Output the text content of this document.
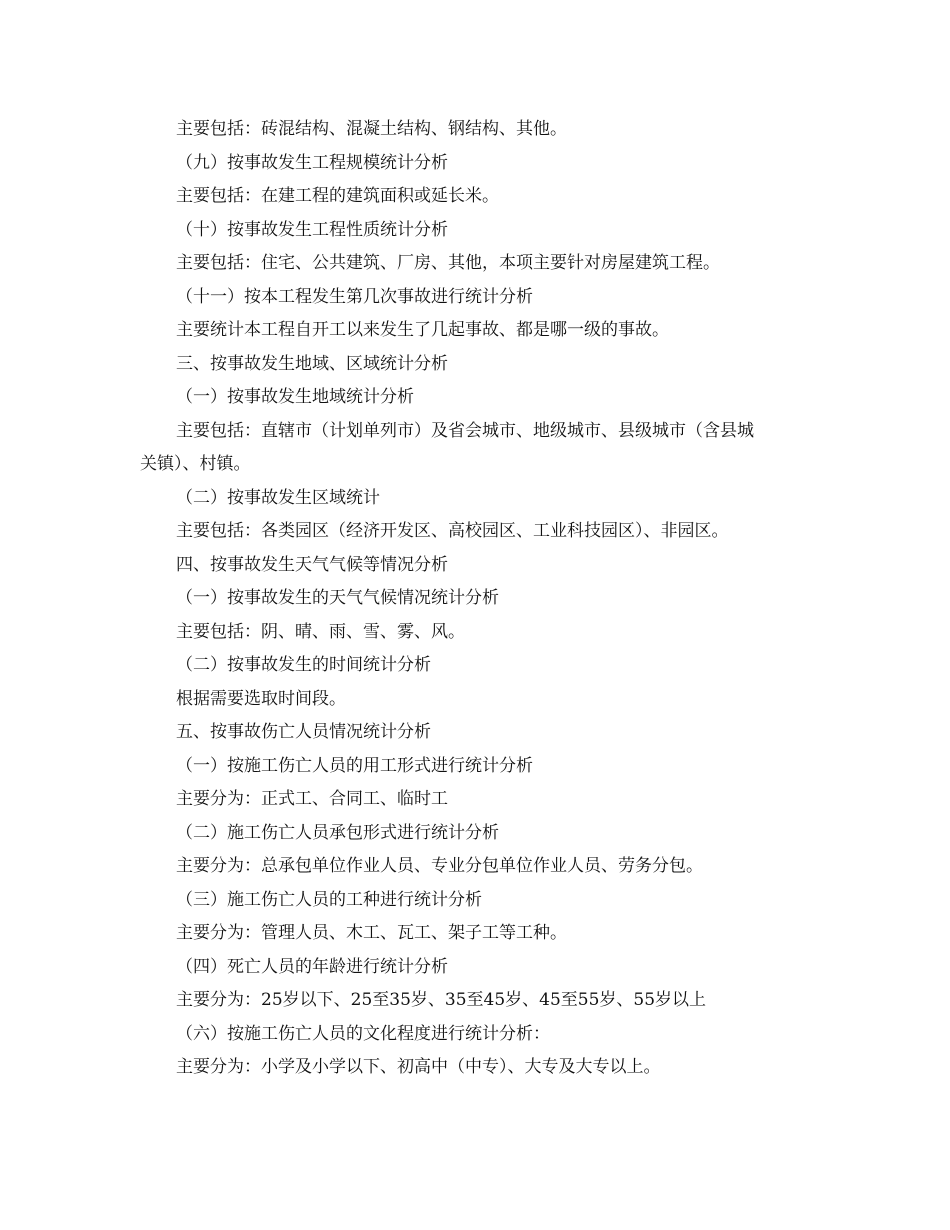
主要包括：砖混结构、混凝土结构、钢结构、其他。

（九）按事故发生工程规模统计分析

主要包括：在建工程的建筑面积或延长米。

（十）按事故发生工程性质统计分析

主要包括：住宅、公共建筑、厂房、其他，本项主要针对房屋建筑工程。

（十一）按本工程发生第几次事故进行统计分析

主要统计本工程自开工以来发生了几起事故、都是哪一级的事故。

三、按事故发生地域、区域统计分析

（一）按事故发生地域统计分析

主要包括：直辖市（计划单列市）及省会城市、地级城市、县级城市（含县城

关镇）、村镇。

（二）按事故发生区域统计

主要包括：各类园区（经济开发区、高校园区、工业科技园区）、非园区。

四、按事故发生天气气候等情况分析

（一）按事故发生的天气气候情况统计分析

主要包括：阴、晴、雨、雪、雾、风。

（二）按事故发生的时间统计分析

根据需要选取时间段。

五、按事故伤亡人员情况统计分析

（一）按施工伤亡人员的用工形式进行统计分析

主要分为：正式工、合同工、临时工

（二）施工伤亡人员承包形式进行统计分析

主要分为：总承包单位作业人员、专业分包单位作业人员、劳务分包。

（三）施工伤亡人员的工种进行统计分析

主要分为：管理人员、木工、瓦工、架子工等工种。

（四）死亡人员的年龄进行统计分析

主要分为：25岁以下、25至35岁、35至45岁、45至55岁、55岁以上

（六）按施工伤亡人员的文化程度进行统计分析：

主要分为：小学及小学以下、初高中（中专）、大专及大专以上。
